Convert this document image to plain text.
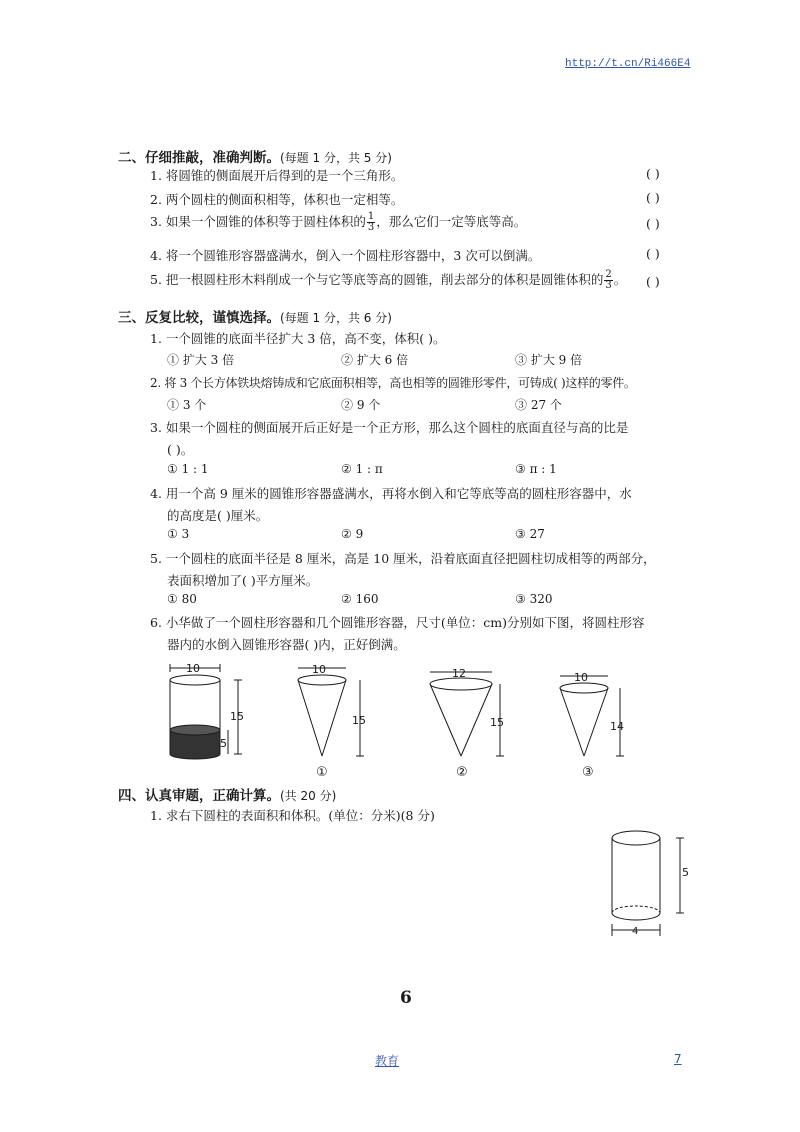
http://t.cn/Ri466E4
二、仔细推敲，准确判断。(每题 1 分，共 5 分)
1. 将圆锥的侧面展开后得到的是一个三角形。	( )
2. 两个圆柱的侧面积相等，体积也一定相等。	( )
3. 如果一个圆锥的体积等于圆柱体积的 $\frac{1}{3}$ ，那么它们一定等底等高。	( )
4. 将一个圆锥形容器盛满水，倒入一个圆柱形容器中，3 次可以倒满。	( )
5. 把一根圆柱形木料削成一个与它等底等高的圆锥，削去部分的体积是圆锥体积的 $\frac{2}{3}$ 。 ( )
三、反复比较，谨慎选择。(每题 1 分，共 6 分)
1. 一个圆锥的底面半径扩大 3 倍，高不变，体积( )。
① 扩大 3 倍	② 扩大 6 倍	③ 扩大 9 倍
2. 将 3 个长方体铁块熔铸成和它底面积相等，高也相等的圆锥形零件，可铸成( )这样的零件。
① 3 个	② 9 个	③ 27 个
3. 如果一个圆柱的侧面展开后正好是一个正方形，那么这个圆柱的底面直径与高的比是
( )。
① 1 : 1	② 1 : π	③ π : 1
4. 用一个高 9 厘米的圆锥形容器盛满水，再将水倒入和它等底等高的圆柱形容器中，水
的高度是( )厘米。
① 3	② 9	③ 27
5. 一个圆柱的底面半径是 8 厘米，高是 10 厘米，沿着底面直径把圆柱切成相等的两部分，
表面积增加了( )平方厘米。
① 80	② 160	③ 320
6. 小华做了一个圆柱形容器和几个圆锥形容器，尺寸(单位：cm)分别如下图，将圆柱形容
器内的水倒入圆锥形容器( )内，正好倒满。
10
15
5
10
15
①
12
15
②
10
14
③
四、认真审题，正确计算。(共 20 分)
1. 求右下圆柱的表面积和体积。(单位：分米)(8 分)
5
4
6
教育	7
